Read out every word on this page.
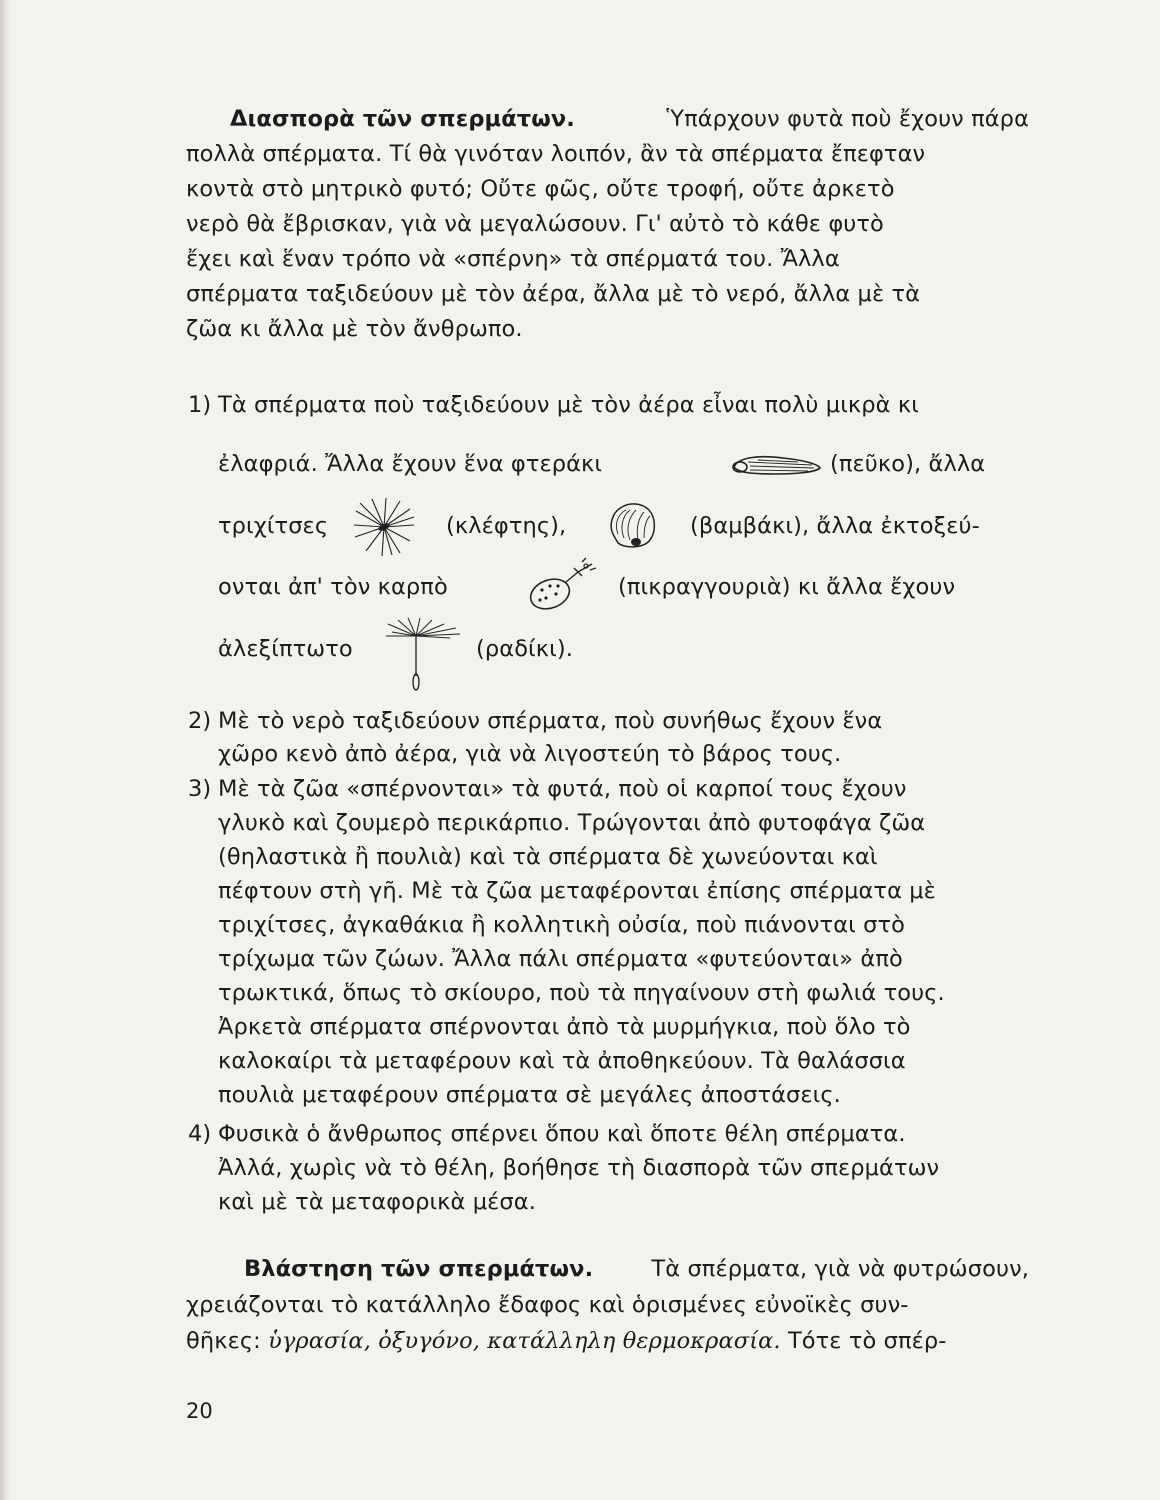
Διασπορὰ τῶν σπερμάτων.	Ὑπάρχουν φυτὰ ποὺ ἔχουν πάρα
πολλὰ σπέρματα. Τί θὰ γινόταν λοιπόν, ἂν τὰ σπέρματα ἔπεφταν
κοντὰ στὸ μητρικὸ φυτό; Οὔτε φῶς, οὔτε τροφή, οὔτε ἀρκετὸ
νερὸ θὰ ἔβρισκαν, γιὰ νὰ μεγαλώσουν. Γι' αὐτὸ τὸ κάθε φυτὸ
ἔχει καὶ ἕναν τρόπο νὰ «σπέρνη» τὰ σπέρματά του. Ἄλλα
σπέρματα ταξιδεύουν μὲ τὸν ἀέρα, ἄλλα μὲ τὸ νερό, ἄλλα μὲ τὰ
ζῶα κι ἄλλα μὲ τὸν ἄνθρωπο.
1) Τὰ σπέρματα ποὺ ταξιδεύουν μὲ τὸν ἀέρα εἶναι πολὺ μικρὰ κι
ἐλαφριά. Ἄλλα ἔχουν ἕνα φτεράκι	(πεῦκο), ἄλλα
τριχίτσες	(κλέφτης),	(βαμβάκι), ἄλλα ἐκτοξεύ-
ονται ἀπ' τὸν καρπὸ	(πικραγγουριὰ) κι ἄλλα ἔχουν
ἀλεξίπτωτο	(ραδίκι).
2) Μὲ τὸ νερὸ ταξιδεύουν σπέρματα, ποὺ συνήθως ἔχουν ἕνα
χῶρο κενὸ ἀπὸ ἀέρα, γιὰ νὰ λιγοστεύη τὸ βάρος τους.
3) Μὲ τὰ ζῶα «σπέρνονται» τὰ φυτά, ποὺ οἱ καρποί τους ἔχουν
γλυκὸ καὶ ζουμερὸ περικάρπιο. Τρώγονται ἀπὸ φυτοφάγα ζῶα
(θηλαστικὰ ἢ πουλιὰ) καὶ τὰ σπέρματα δὲ χωνεύονται καὶ
πέφτουν στὴ γῆ. Μὲ τὰ ζῶα μεταφέρονται ἐπίσης σπέρματα μὲ
τριχίτσες, ἀγκαθάκια ἢ κολλητικὴ οὐσία, ποὺ πιάνονται στὸ
τρίχωμα τῶν ζώων. Ἄλλα πάλι σπέρματα «φυτεύονται» ἀπὸ
τρωκτικά, ὅπως τὸ σκίουρο, ποὺ τὰ πηγαίνουν στὴ φωλιά τους.
Ἀρκετὰ σπέρματα σπέρνονται ἀπὸ τὰ μυρμήγκια, ποὺ ὅλο τὸ
καλοκαίρι τὰ μεταφέρουν καὶ τὰ ἀποθηκεύουν. Τὰ θαλάσσια
πουλιὰ μεταφέρουν σπέρματα σὲ μεγάλες ἀποστάσεις.
4) Φυσικὰ ὁ ἄνθρωπος σπέρνει ὅπου καὶ ὅποτε θέλη σπέρματα.
Ἀλλά, χωρὶς νὰ τὸ θέλη, βοήθησε τὴ διασπορὰ τῶν σπερμάτων
καὶ μὲ τὰ μεταφορικὰ μέσα.
Βλάστηση τῶν σπερμάτων.	Τὰ σπέρματα, γιὰ νὰ φυτρώσουν,
χρειάζονται τὸ κατάλληλο ἔδαφος καὶ ὁρισμένες εὐνοϊκὲς συν-
θῆκες: ὑγρασία, ὀξυγόνο, κατάλληλη θερμοκρασία. Τότε τὸ σπέρ-
20
